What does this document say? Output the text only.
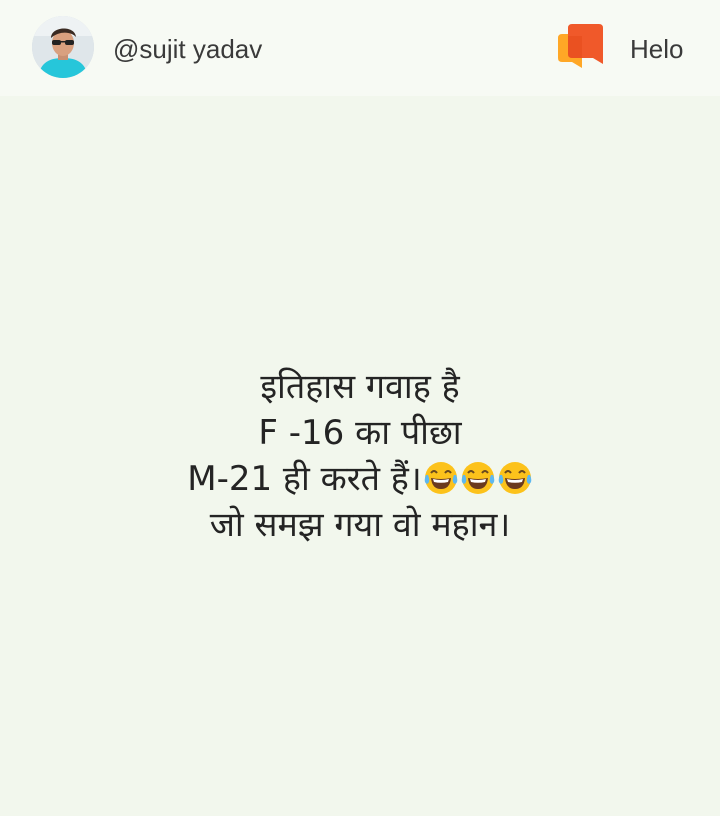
@sujit yadav	Helo
इतिहास गवाह है
F -16 का पीछा
M-21 ही करते हैं।
जो समझ गया वो महान।
